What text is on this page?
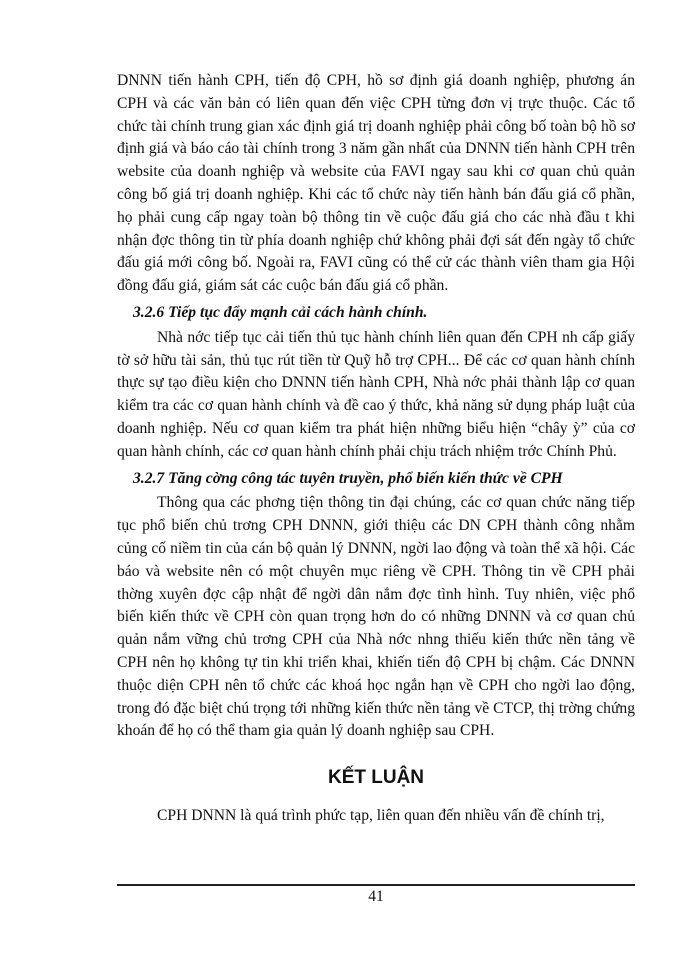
DNNN tiến hành CPH, tiến độ CPH, hồ sơ định giá doanh nghiệp, phương án CPH và các văn bản có liên quan đến việc CPH từng đơn vị trực thuộc. Các tổ chức tài chính trung gian xác định giá trị doanh nghiệp phải công bố toàn bộ hồ sơ định giá và báo cáo tài chính trong 3 năm gần nhất của DNNN tiến hành CPH trên website của doanh nghiệp và website của FAVI ngay sau khi cơ quan chủ quản công bố giá trị doanh nghiệp. Khi các tổ chức này tiến hành bán đấu giá cổ phần, họ phải cung cấp ngay toàn bộ thông tin về cuộc đấu giá cho các nhà đầu t khi nhận đợc thông tin từ phía doanh nghiệp chứ không phải đợi sát đến ngày tổ chức đấu giá mới công bố. Ngoài ra, FAVI cũng có thể cử các thành viên tham gia Hội đồng đấu giá, giám sát các cuộc bán đấu giá cổ phần.

3.2.6 Tiếp tục đẩy mạnh cải cách hành chính.

Nhà nớc tiếp tục cải tiến thủ tục hành chính liên quan đến CPH nh cấp giấy tờ sở hữu tài sản, thủ tục rút tiền từ Quỹ hỗ trợ CPH... Để các cơ quan hành chính thực sự tạo điều kiện cho DNNN tiến hành CPH, Nhà nớc phải thành lập cơ quan kiểm tra các cơ quan hành chính và đề cao ý thức, khả năng sử dụng pháp luật của doanh nghiệp. Nếu cơ quan kiểm tra phát hiện những biểu hiện “chây ỳ” của cơ quan hành chính, các cơ quan hành chính phải chịu trách nhiệm trớc Chính Phủ.

3.2.7 Tăng cờng công tác tuyên truyền, phổ biến kiến thức về CPH

Thông qua các phơng tiện thông tin đại chúng, các cơ quan chức năng tiếp tục phổ biến chủ trơng CPH DNNN, giới thiệu các DN CPH thành công nhằm củng cố niềm tin của cán bộ quản lý DNNN, ngời lao động và toàn thể xã hội. Các báo và website nên có một chuyên mục riêng về CPH. Thông tin về CPH phải thờng xuyên đợc cập nhật để ngời dân nắm đợc tình hình. Tuy nhiên, việc phổ biến kiến thức về CPH còn quan trọng hơn do có những DNNN và cơ quan chủ quản nắm vững chủ trơng CPH của Nhà nớc nhng thiếu kiến thức nền tảng về CPH nên họ không tự tin khi triển khai, khiến tiến độ CPH bị chậm. Các DNNN thuộc diện CPH nên tổ chức các khoá học ngắn hạn về CPH cho ngời lao động, trong đó đặc biệt chú trọng tới những kiến thức nền tảng về CTCP, thị trờng chứng khoán để họ có thể tham gia quản lý doanh nghiệp sau CPH.

KẾT LUẬN

CPH DNNN là quá trình phức tạp, liên quan đến nhiều vấn đề chính trị,

41
